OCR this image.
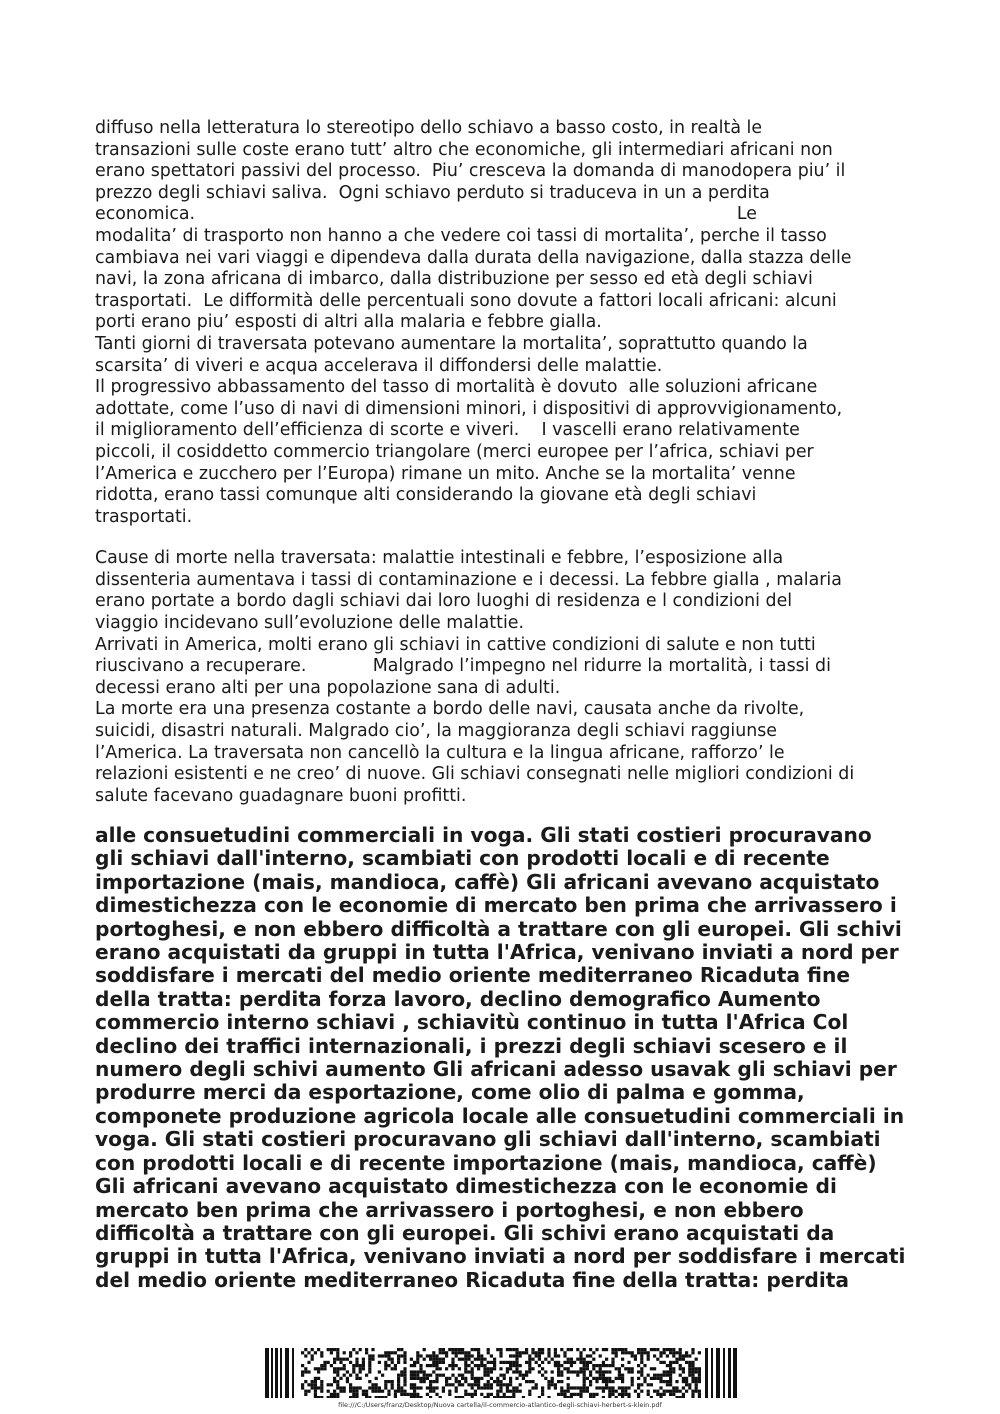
diffuso nella letteratura lo stereotipo dello schiavo a basso costo, in realtà le
transazioni sulle coste erano tutt’ altro che economiche, gli intermediari africani non
erano spettatori passivi del processo.  Piu’ cresceva la domanda di manodopera piu’ il
prezzo degli schiavi saliva.  Ogni schiavo perduto si traduceva in un a perdita
economica.                                                                                                  Le
modalita’ di trasporto non hanno a che vedere coi tassi di mortalita’, perche il tasso
cambiava nei vari viaggi e dipendeva dalla durata della navigazione, dalla stazza delle
navi, la zona africana di imbarco, dalla distribuzione per sesso ed età degli schiavi
trasportati.  Le difformità delle percentuali sono dovute a fattori locali africani: alcuni
porti erano piu’ esposti di altri alla malaria e febbre gialla.
Tanti giorni di traversata potevano aumentare la mortalita’, soprattutto quando la
scarsita’ di viveri e acqua accelerava il diffondersi delle malattie.
Il progressivo abbassamento del tasso di mortalità è dovuto  alle soluzioni africane
adottate, come l’uso di navi di dimensioni minori, i dispositivi di approvvigionamento,
il miglioramento dell’efficienza di scorte e viveri.    I vascelli erano relativamente
piccoli, il cosiddetto commercio triangolare (merci europee per l’africa, schiavi per
l’America e zucchero per l’Europa) rimane un mito. Anche se la mortalita’ venne
ridotta, erano tassi comunque alti considerando la giovane età degli schiavi
trasportati.

Cause di morte nella traversata: malattie intestinali e febbre, l’esposizione alla
dissenteria aumentava i tassi di contaminazione e i decessi. La febbre gialla , malaria
erano portate a bordo dagli schiavi dai loro luoghi di residenza e l condizioni del
viaggio incidevano sull’evoluzione delle malattie.
Arrivati in America, molti erano gli schiavi in cattive condizioni di salute e non tutti
riuscivano a recuperare.            Malgrado l’impegno nel ridurre la mortalità, i tassi di
decessi erano alti per una popolazione sana di adulti.
La morte era una presenza costante a bordo delle navi, causata anche da rivolte,
suicidi, disastri naturali. Malgrado cio’, la maggioranza degli schiavi raggiunse
l’America. La traversata non cancellò la cultura e la lingua africane, rafforzo’ le
relazioni esistenti e ne creo’ di nuove. Gli schiavi consegnati nelle migliori condizioni di
salute facevano guadagnare buoni profitti.

alle consuetudini commerciali in voga. Gli stati costieri procuravano
gli schiavi dall'interno, scambiati con prodotti locali e di recente
importazione (mais, mandioca, caffè) Gli africani avevano acquistato
dimestichezza con le economie di mercato ben prima che arrivassero i
portoghesi, e non ebbero difficoltà a trattare con gli europei. Gli schivi
erano acquistati da gruppi in tutta l'Africa, venivano inviati a nord per
soddisfare i mercati del medio oriente mediterraneo Ricaduta fine
della tratta: perdita forza lavoro, declino demografico Aumento
commercio interno schiavi , schiavitù continuo in tutta l'Africa Col
declino dei traffici internazionali, i prezzi degli schiavi scesero e il
numero degli schivi aumento Gli africani adesso usavak gli schiavi per
produrre merci da esportazione, come olio di palma e gomma,
componete produzione agricola locale alle consuetudini commerciali in
voga. Gli stati costieri procuravano gli schiavi dall'interno, scambiati
con prodotti locali e di recente importazione (mais, mandioca, caffè)
Gli africani avevano acquistato dimestichezza con le economie di
mercato ben prima che arrivassero i portoghesi, e non ebbero
difficoltà a trattare con gli europei. Gli schivi erano acquistati da
gruppi in tutta l'Africa, venivano inviati a nord per soddisfare i mercati
del medio oriente mediterraneo Ricaduta fine della tratta: perdita

file:///C:/Users/franz/Desktop/Nuova cartella/il-commercio-atlantico-degli-schiavi-herbert-s-klein.pdf
